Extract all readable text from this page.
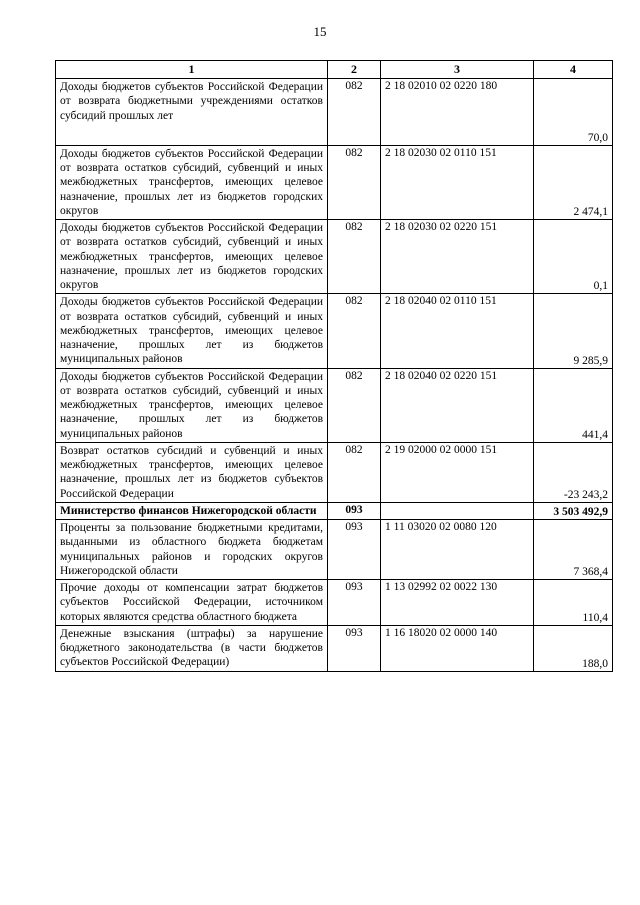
15
1	2	3	4
Доходы бюджетов субъектов Российской Федерации от возврата бюджетными учреждениями остатков субсидий прошлых лет	082	2 18 02010 02 0220 180	70,0
Доходы бюджетов субъектов Российской Федерации от возврата остатков субсидий, субвенций и иных межбюджетных трансфертов, имеющих целевое назначение, прошлых лет из бюджетов городских округов	082	2 18 02030 02 0110 151	2 474,1
Доходы бюджетов субъектов Российской Федерации от возврата остатков субсидий, субвенций и иных межбюджетных трансфертов, имеющих целевое назначение, прошлых лет из бюджетов городских округов	082	2 18 02030 02 0220 151	0,1
Доходы бюджетов субъектов Российской Федерации от возврата остатков субсидий, субвенций и иных межбюджетных трансфертов, имеющих целевое назначение, прошлых лет из бюджетов муниципальных районов	082	2 18 02040 02 0110 151	9 285,9
Доходы бюджетов субъектов Российской Федерации от возврата остатков субсидий, субвенций и иных межбюджетных трансфертов, имеющих целевое назначение, прошлых лет из бюджетов муниципальных районов	082	2 18 02040 02 0220 151	441,4
Возврат остатков субсидий и субвенций и иных межбюджетных трансфертов, имеющих целевое назначение, прошлых лет из бюджетов субъектов Российской Федерации	082	2 19 02000 02 0000 151	-23 243,2
Министерство финансов Нижегородской области	093		3 503 492,9
Проценты за пользование бюджетными кредитами, выданными из областного бюджета бюджетам муниципальных районов и городских округов Нижегородской области	093	1 11 03020 02 0080 120	7 368,4
Прочие доходы от компенсации затрат бюджетов субъектов Российской Федерации, источником которых являются средства областного бюджета	093	1 13 02992 02 0022 130	110,4
Денежные взыскания (штрафы) за нарушение бюджетного законодательства (в части бюджетов субъектов Российской Федерации)	093	1 16 18020 02 0000 140	188,0
